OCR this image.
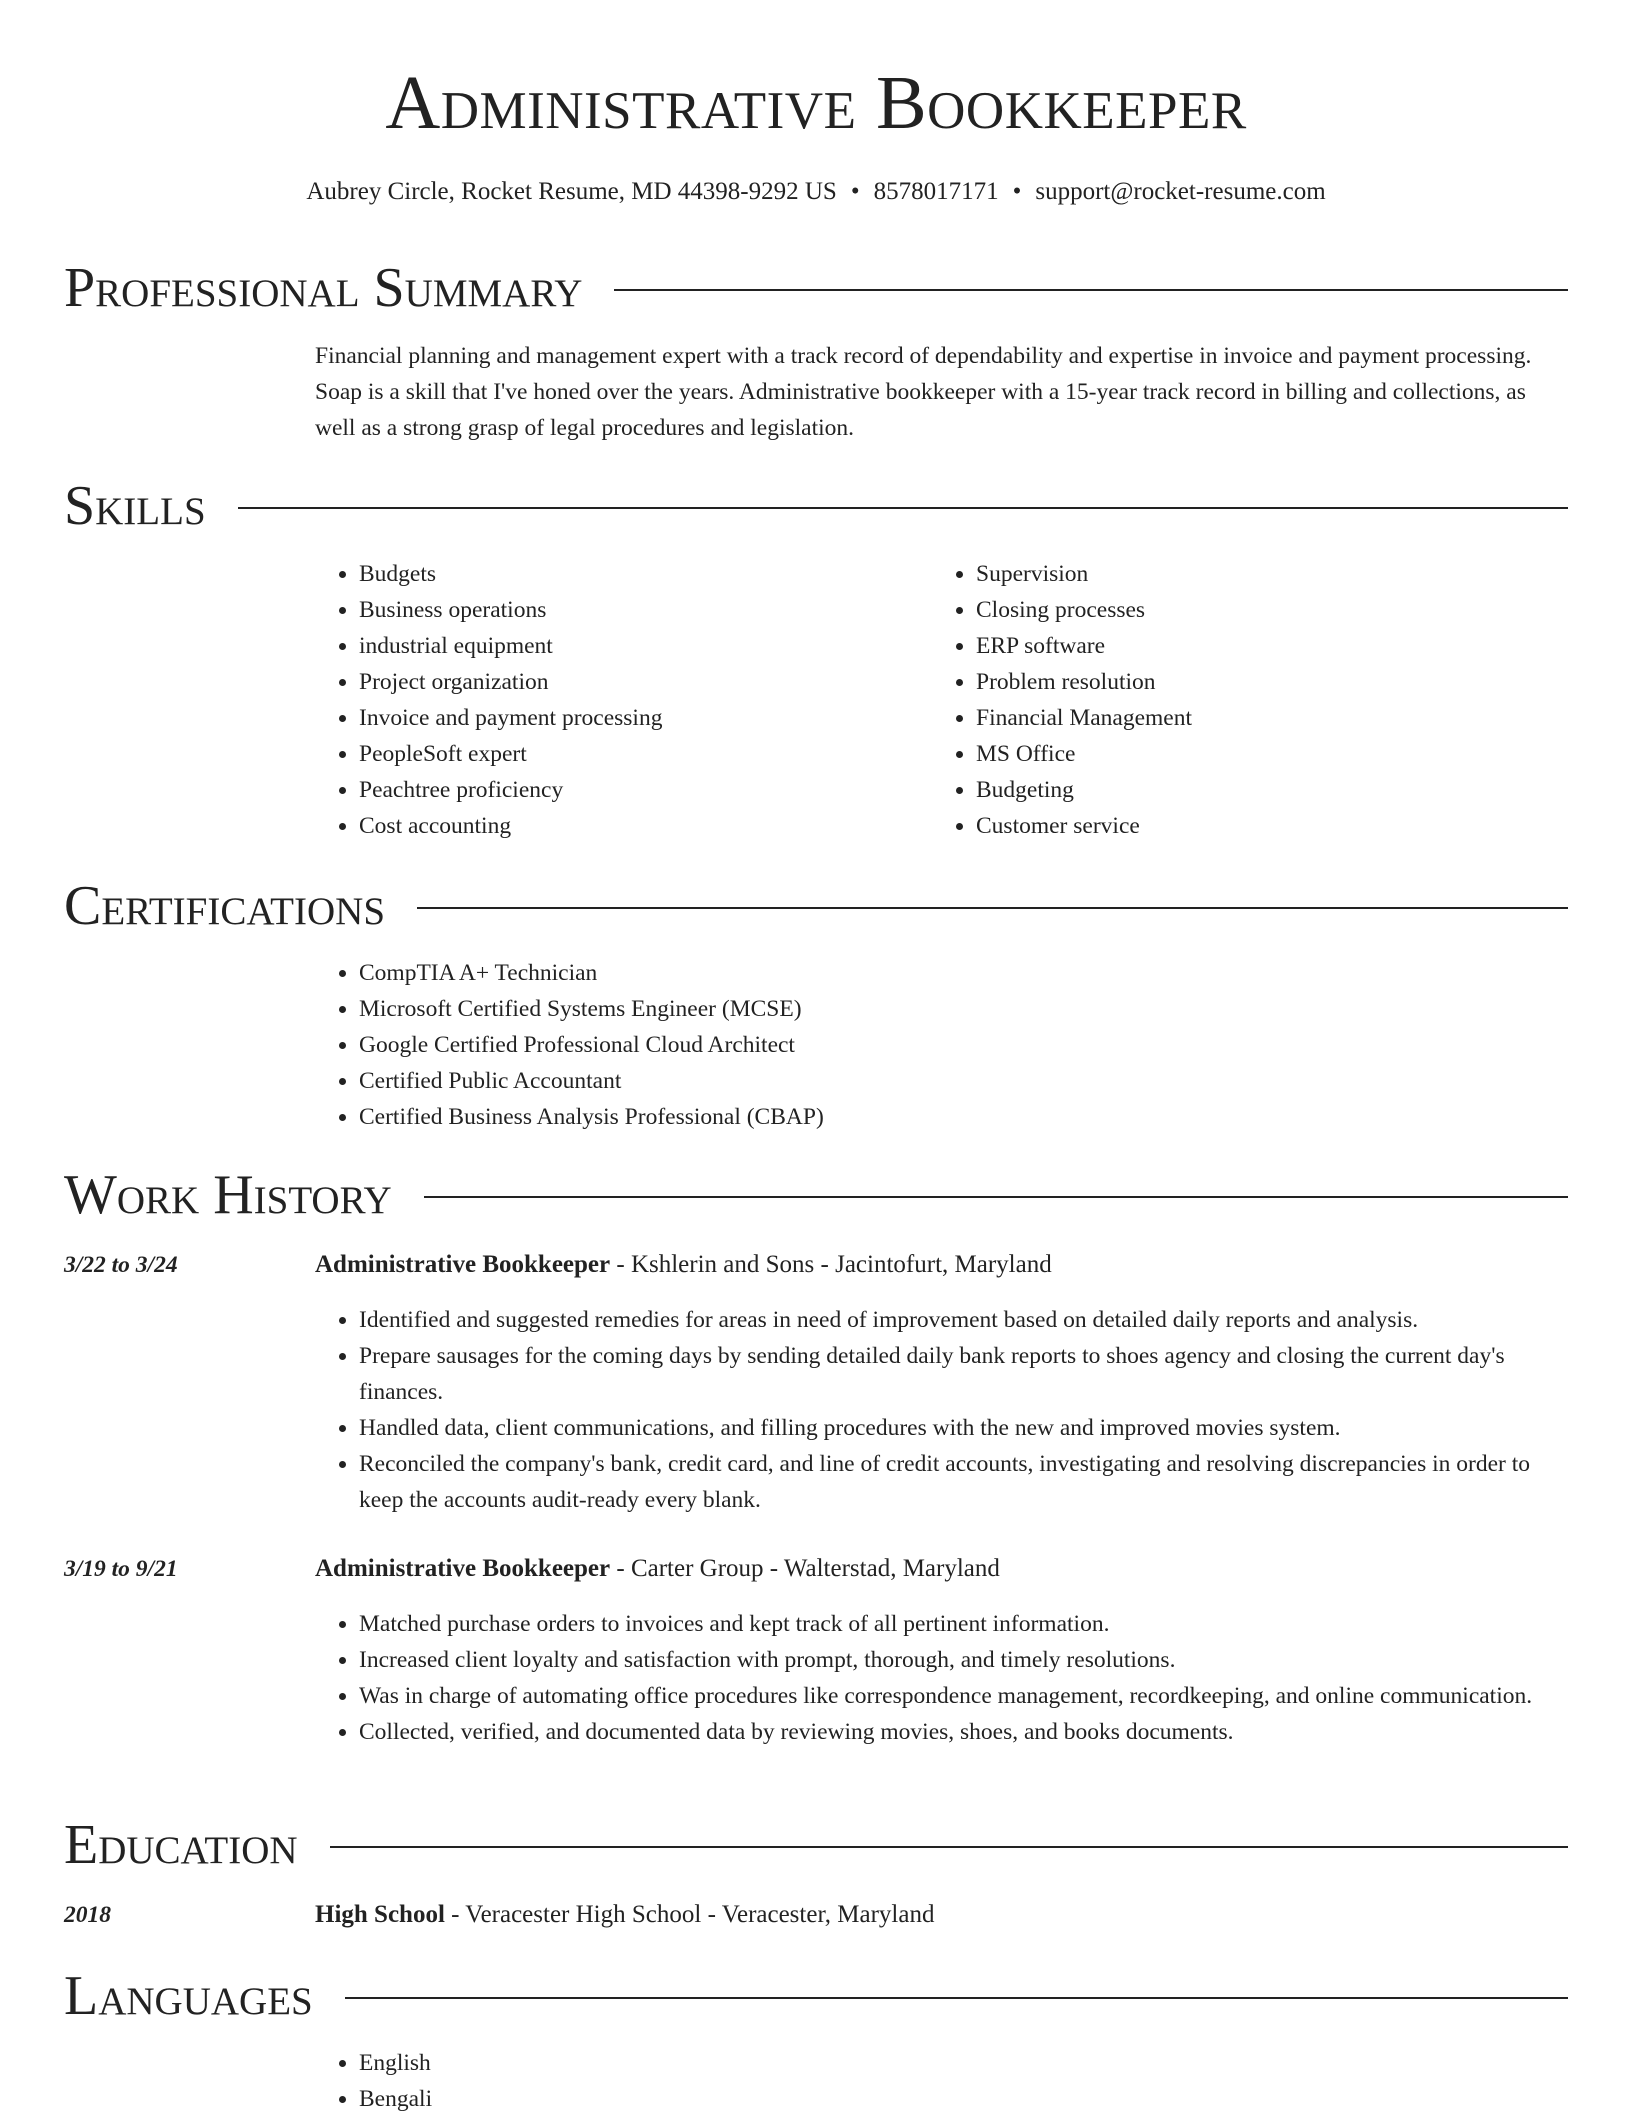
Administrative Bookkeeper
Aubrey Circle, Rocket Resume, MD 44398-9292 US • 8578017171 • support@rocket-resume.com
Professional Summary
Financial planning and management expert with a track record of dependability and expertise in invoice and payment processing. Soap is a skill that I've honed over the years. Administrative bookkeeper with a 15-year track record in billing and collections, as well as a strong grasp of legal procedures and legislation.
Skills
• Budgets
• Business operations
• industrial equipment
• Project organization
• Invoice and payment processing
• PeopleSoft expert
• Peachtree proficiency
• Cost accounting
• Supervision
• Closing processes
• ERP software
• Problem resolution
• Financial Management
• MS Office
• Budgeting
• Customer service
Certifications
• CompTIA A+ Technician
• Microsoft Certified Systems Engineer (MCSE)
• Google Certified Professional Cloud Architect
• Certified Public Accountant
• Certified Business Analysis Professional (CBAP)
Work History
3/22 to 3/24	Administrative Bookkeeper - Kshlerin and Sons - Jacintofurt, Maryland
• Identified and suggested remedies for areas in need of improvement based on detailed daily reports and analysis.
• Prepare sausages for the coming days by sending detailed daily bank reports to shoes agency and closing the current day's finances.
• Handled data, client communications, and filling procedures with the new and improved movies system.
• Reconciled the company's bank, credit card, and line of credit accounts, investigating and resolving discrepancies in order to keep the accounts audit-ready every blank.
3/19 to 9/21	Administrative Bookkeeper - Carter Group - Walterstad, Maryland
• Matched purchase orders to invoices and kept track of all pertinent information.
• Increased client loyalty and satisfaction with prompt, thorough, and timely resolutions.
• Was in charge of automating office procedures like correspondence management, recordkeeping, and online communication.
• Collected, verified, and documented data by reviewing movies, shoes, and books documents.
Education
2018	High School - Veracester High School - Veracester, Maryland
Languages
• English
• Bengali
